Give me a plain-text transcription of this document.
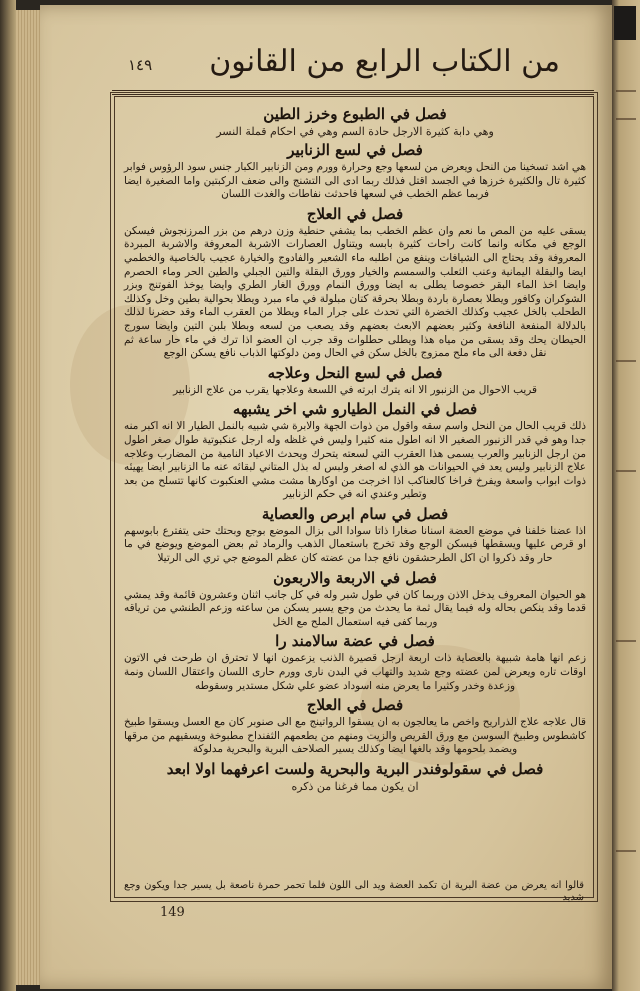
من الكتاب الرابع من القانون
١٤٩
فصل في الطبوع وخرز الطين
وهي دابة كثيرة الارجل حادة السم وهي في احكام قملة النسر
فصل في لسع الزنابير
هي اشد تسخينا من النحل ويعرض من لسعها وجع وحرارة وورم ومن الزنابير الكبار جنس سود الرؤوس فوابر كثيرة تال والكثيرة خرزها في الجسد اقتل فذلك ربما ادى الى التشنج والى ضعف الركبتين واما الصغيرة ايضا فربما عظم الخطب في لسعها فاحدثت نفاطات والغدت اللسان
فصل في العلاج
يسقى عليه من المص ما نعم وان عظم الخطب بما يشفي حنطية وزن درهم من بزر المرزنجوش فيسكن الوجع في مكانه وانما كانت راحات كثيرة بابسه ويتناول العصارات الاشربة المعروفة والاشربة المبردة المعروفة وقد يحتاج الى الشيافات وينفع من اطلبه ماء الشعير والفادوج والخيارة عجيب بالخاصية والخطمي ايضا والبقلة اليمانية وعنب الثعلب والسمسم والخيار وورق البقلة والتين الجبلي والطين الحر وماء الحصرم وايضا اخذ الماء البقر خصوصا يطلى به ايضا وورق النمام وورق الغار الطري وايضا يوخذ الفوتنج وبزر الشوكران وكافور ويطلا بعصارة باردة وبطلا بحرقة كتان مبلولة في ماء مبرد ويطلا بحوالية بطين وخل وكذلك الطحلب بالخل عجيب وكذلك الخضرة التي تحدث على جرار الماء ويطلا من العقرب الماء وقد حضرنا لذلك بالدلالة المنفعة النافعة وكثير بعضهم الابعث بعضهم وقد يصعب من لسعه وبطلا بلبن التين وايضا سورج الحيطان يحك وقد يسقى من مياه هذا ويطلى حطلوات وقد جرب ان العضو اذا ترك في ماء حار ساعة ثم نقل دفعة الى ماء ملح ممزوج بالخل سكن في الحال ومن دلوكتها الذباب نافع يسكن الوجع
فصل في لسع النحل وعلاجه
قريب الاحوال من الزنبور الا انه يترك ابرته في اللسعة وعلاجها يقرب من علاج الزنابير
فصل في النمل الطيارو شي اخر يشبهه
ذلك قريب الحال من النحل واسم سقه واقول من ذوات الجهة والابرة شي شبيه بالنمل الطيار الا انه اكبر منه جدا وهو في قدر الزنبور الصغير الا انه اطول منه كثيرا وليس في غلظه وله ارجل عنكبوتية طوال صغر اطول من ارجل الزنابير والعرب يسمى هذا العقرب التي لسعته يتحرك ويحدث الاعياد النامية من المضارب وعلاجه علاج الزنابير وليس يعد في الحيوانات هو الذي له اصغر ولبس له بذل المتاني لبقائه عنه ما الزنابير ايضا يهيئه ذوات ابواب واسعة ويفرخ فراخا كالعناكب اذا اخرجت من اوكارها مشت مشي العنكبوت كانها تتسلح من بعد وتطير وعندي انه في حكم الزنابير
فصل في سام ابرص والعصاية
اذا عضنا خلفنا في موضع العضة اسنانا صغارا ذاتا سوادا الى بزال الموضع بوجع وبحتك حتى يتفترع بابوسهم او قرص عليها ويسقطها فيسكن الوجع وقد تخرج باستعمال الذهب والرماد ثم بعض الموضع ويوضع في ما حار وقد ذكروا ان اكل الطرحشقون نافع جدا من عضته كان عظم الموضع جي تري الى الرتيلا
فصل في الاربعة والاربعون
هو الحيوان المعروف يدخل الاذن وربما كان في طول شبر وله في كل جانب اثنان وعشرون قائمة وقد يمشي قدما وقد ينكص بحاله وله فيما يقال ثمة ما يحدث من وجع يسير يسكن من ساعته وزعم الطنشي من ترياقه وربما كفى فيه استعمال الملح مع الخل
فصل في عضة سالامند را
زعم انها هامة شبيهة بالعصاية ذات اربعة ارجل قصيرة الذنب يزعمون انها لا تحترق ان طرحت في الاتون اوقات تاره ويعرض لمن عضته وجع شديد والتهاب في البدن نارى وورم حارى اللسان واعتقال اللسان ونمة وزعدة وخدر وكثيرا ما يعرض منه اسوداد عضو علي شكل مستدير وسقوطه
فصل في العلاج
قال علاجه علاج الذراريح واخص ما يعالجون به ان يسقوا الرواتينج مع الى صنوبر كان مع العسل ويسقوا طبيخ كاشطوس وطبيخ السوسن مع ورق القريص والزيت ومنهم من يطعمهم الثفنداح مطبوخة ويسقيهم من مرقها ويضمد بلحومها وقد بالغها ايضا وكذلك يسير الصلاحف البرية والبحرية مدلوكة
فصل في سقولوفندر البرية والبحرية ولست اعرفهما اولا ابعد
ان يكون مما فرغنا من ذكره
قالوا انه يعرض من عضة البرية ان تكمد العضة ويد الى اللون فلما تحمر حمرة ناصعة بل يسير جدا ويكون وجع شديد
149
